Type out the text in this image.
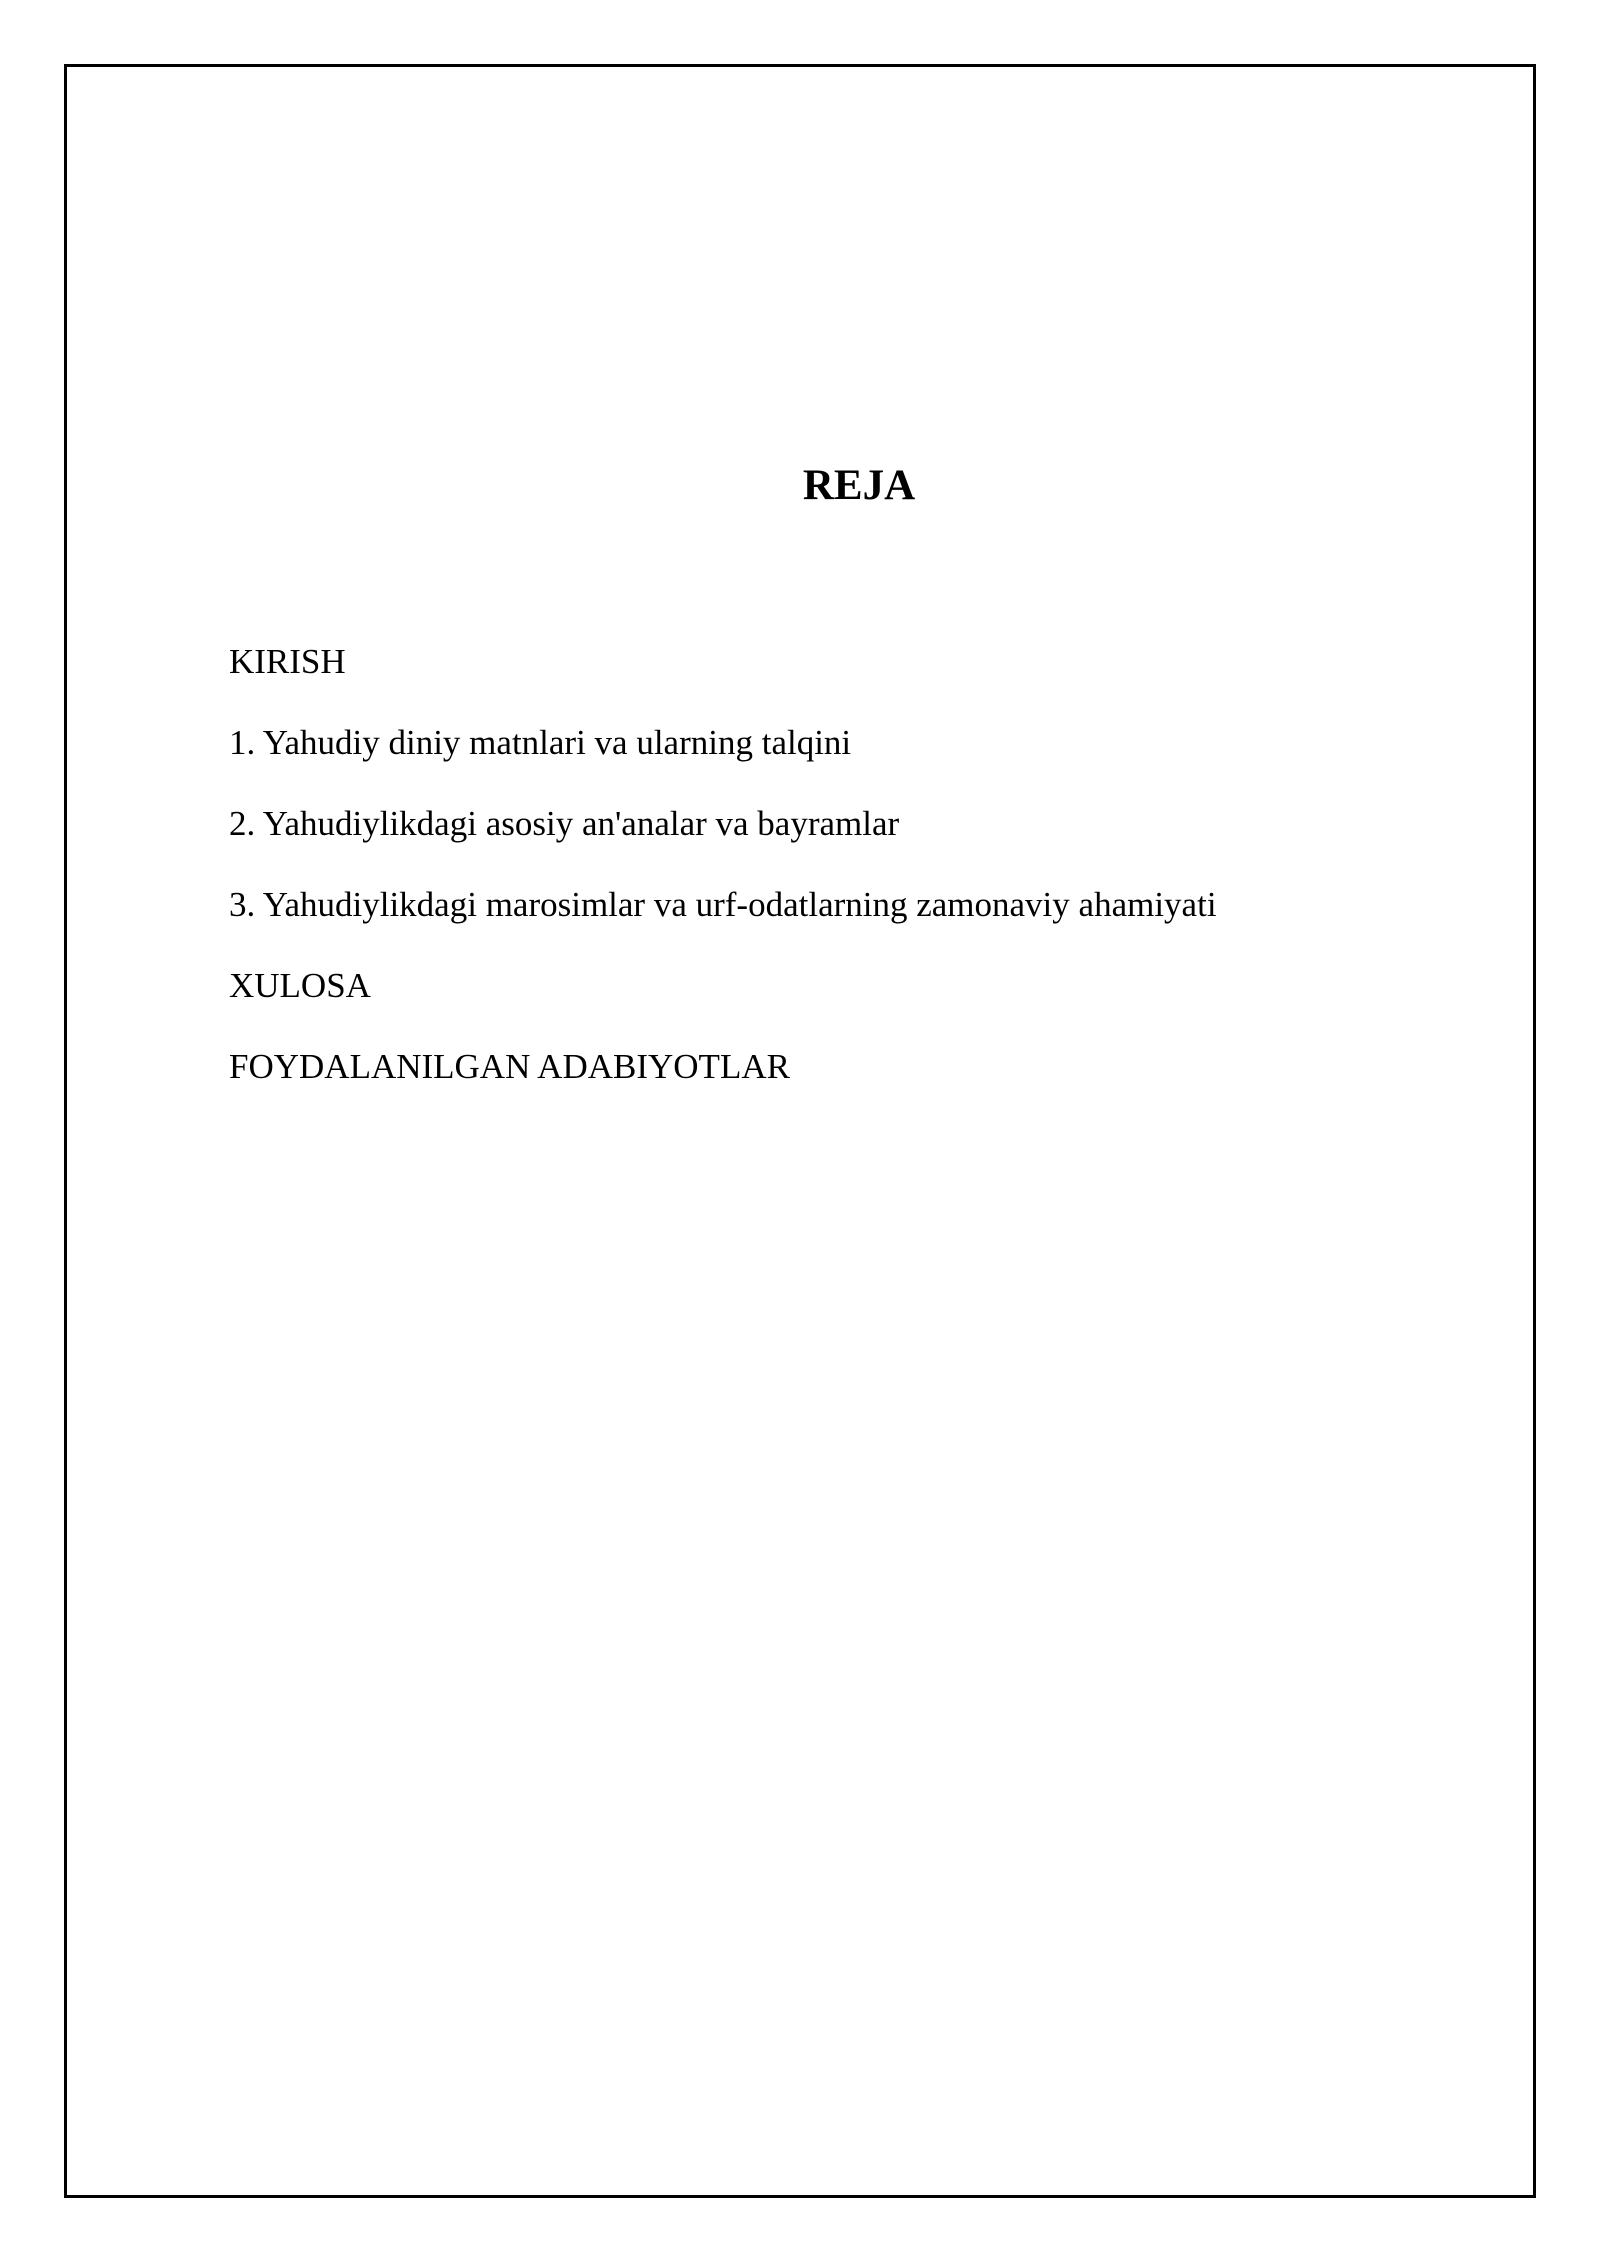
REJA
KIRISH
1. Yahudiy diniy matnlari va ularning talqini
2. Yahudiylikdagi asosiy an'analar va bayramlar
3. Yahudiylikdagi marosimlar va urf-odatlarning zamonaviy ahamiyati
XULOSA
FOYDALANILGAN ADABIYOTLAR
